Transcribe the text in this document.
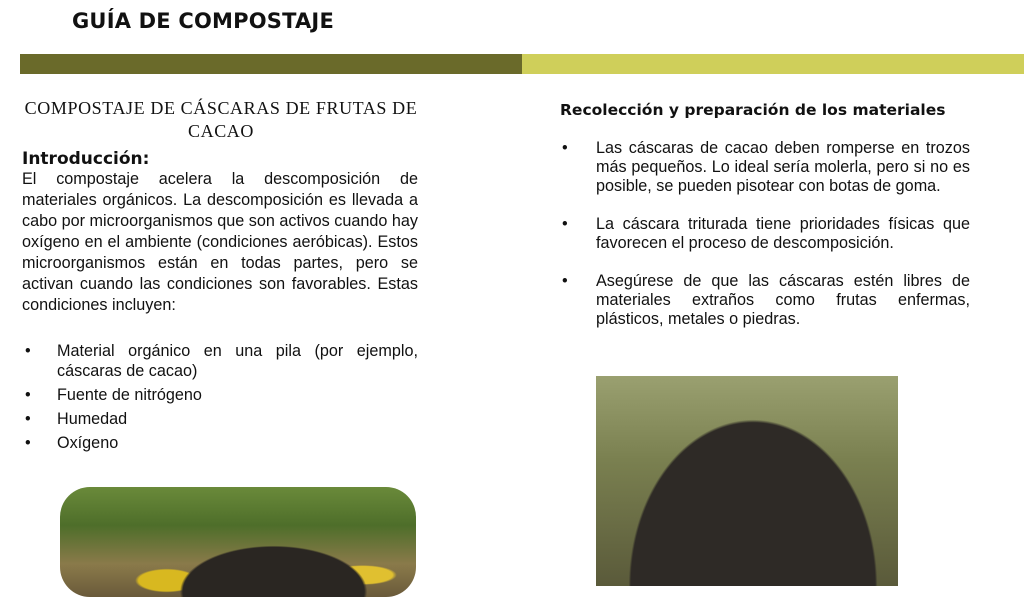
GUÍA DE COMPOSTAJE
COMPOSTAJE DE CÁSCARAS DE FRUTAS DE CACAO
Introducción:
El compostaje acelera la descomposición de materiales orgánicos. La descomposición es llevada a cabo por microorganismos que son activos cuando hay oxígeno en el ambiente (condiciones aeróbicas). Estos microorganismos están en todas partes, pero se activan cuando las condiciones son favorables. Estas condiciones incluyen:
• Material orgánico en una pila (por ejemplo, cáscaras de cacao)
• Fuente de nitrógeno
• Humedad
• Oxígeno
Recolección y preparación de los materiales
• Las cáscaras de cacao deben romperse en trozos más pequeños. Lo ideal sería molerla, pero si no es posible, se pueden pisotear con botas de goma.
• La cáscara triturada tiene prioridades físicas que favorecen el proceso de descomposición.
• Asegúrese de que las cáscaras estén libres de materiales extraños como frutas enfermas, plásticos, metales o piedras.
